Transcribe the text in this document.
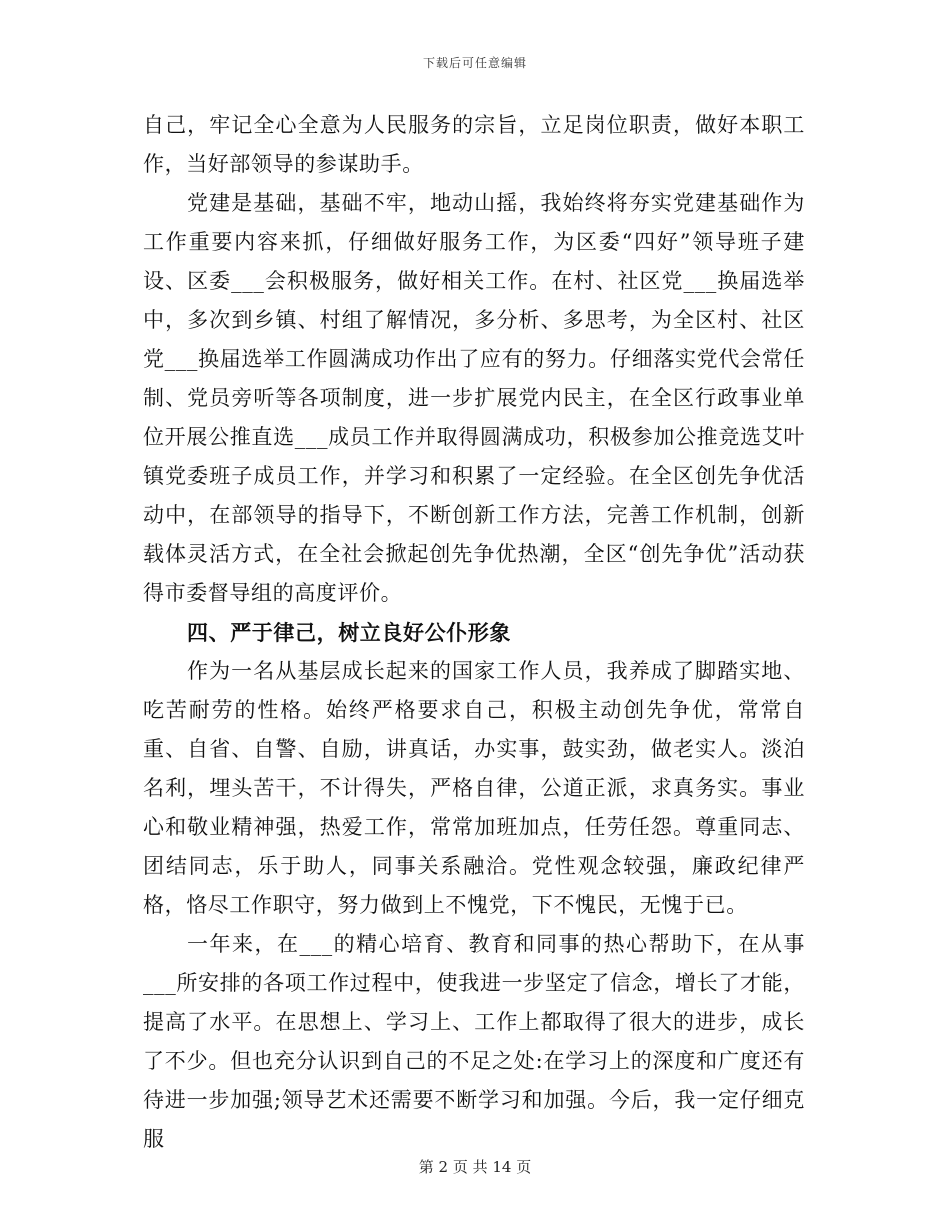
下载后可任意编辑

自己，牢记全心全意为人民服务的宗旨，立足岗位职责，做好本职工作，当好部领导的参谋助手。

党建是基础，基础不牢，地动山摇，我始终将夯实党建基础作为工作重要内容来抓，仔细做好服务工作，为区委“四好”领导班子建设、区委___会积极服务，做好相关工作。在村、社区党___换届选举中，多次到乡镇、村组了解情况，多分析、多思考，为全区村、社区党___换届选举工作圆满成功作出了应有的努力。仔细落实党代会常任制、党员旁听等各项制度，进一步扩展党内民主，在全区行政事业单位开展公推直选___成员工作并取得圆满成功，积极参加公推竞选艾叶镇党委班子成员工作，并学习和积累了一定经验。在全区创先争优活动中，在部领导的指导下，不断创新工作方法，完善工作机制，创新载体灵活方式，在全社会掀起创先争优热潮，全区“创先争优”活动获得市委督导组的高度评价。

四、严于律己，树立良好公仆形象

作为一名从基层成长起来的国家工作人员，我养成了脚踏实地、吃苦耐劳的性格。始终严格要求自己，积极主动创先争优，常常自重、自省、自警、自励，讲真话，办实事，鼓实劲，做老实人。淡泊名利，埋头苦干，不计得失，严格自律，公道正派，求真务实。事业心和敬业精神强，热爱工作，常常加班加点，任劳任怨。尊重同志、团结同志，乐于助人，同事关系融洽。党性观念较强，廉政纪律严格，恪尽工作职守，努力做到上不愧党，下不愧民，无愧于已。

一年来，在___的精心培育、教育和同事的热心帮助下，在从事___所安排的各项工作过程中，使我进一步坚定了信念，增长了才能，提高了水平。在思想上、学习上、工作上都取得了很大的进步，成长了不少。但也充分认识到自己的不足之处:在学习上的深度和广度还有待进一步加强;领导艺术还需要不断学习和加强。今后，我一定仔细克服

第 2 页 共 14 页
